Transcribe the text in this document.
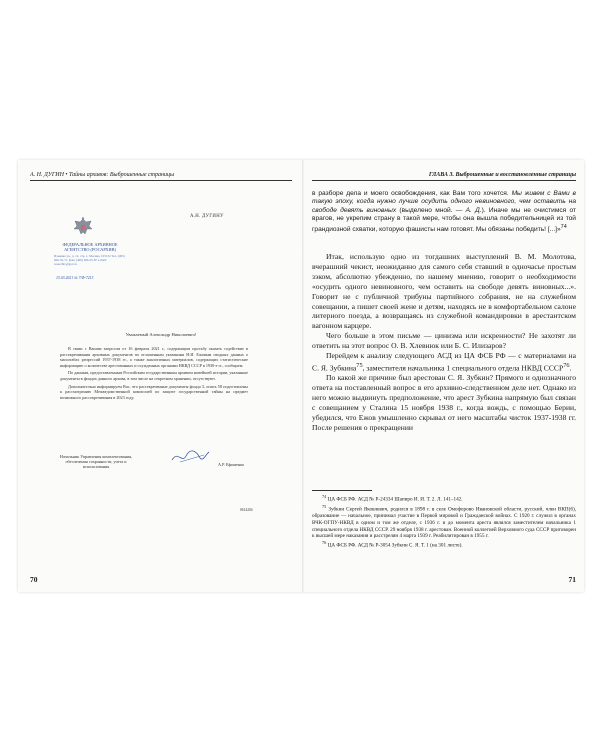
А. Н. ДУГИН • Тайны архивов: Выброшенные страницы
ФЕДЕРАЛЬНОЕ АРХИВНОЕ АГЕНТСТВО (РОСАРХИВ)
Ильинка ул., д. 12, стр. 1, Москва, 103132 Тел. (495) 606-35-71, факс (495) 606-55-87 e-mail: rosarchiv@gov.ru
15.03.2021 № 7/Ф-7213
А.Н. ДУГИНУ
Уважаемый Александр Николаевич!

В связи с Вашим запросом от 16 февраля 2021 г., содержащим просьбу оказать содействие в рассекречивании архивных документов по оглашенным указаниям Н.И. Ежовым сводных данных о масштабах репрессий 1937-1938 гг., а также аналогичных материалов, содержащих статистические информацию о количестве арестованных и осужденных органами НКВД СССР в 1930-е гг., сообщаем.

По данным, предоставленным Российским государственным архивом новейшей истории, указанные документы в фондах данного архива, в том числе на секретном хранении, отсутствуют.

Дополнительно информируем Вас, что рассекреченные документы фонда 3, опись 58 подготовлены к рассмотрению Межведомственной комиссией по защите государственной тайны на предмет возможного рассекречивания в 2023 году.

Начальник Управления комплектования, обеспечения сохранности, учета и использования	А.Р. Ефименко
0614204
70
ГЛАВА 3. Выброшенные и восстановленные страницы

в разборе дела и моего освобождения, как Вам того хочется. Мы живем с Вами в такую эпоху, когда нужно лучше осудить одного невиновного, чем оставить на свободе девять виновных (выделено мной. — А. Д.). Иначе мы не очистимся от врагов, не укрепим страну в такой мере, чтобы она вышла победительницей из той грандиозной схватки, которую фашисты нам готовят. Мы обязаны победить! [...]»$^{74}$

Итак, использую одно из тогдашних выступлений В. М. Молотова, вчерашний чекист, неожиданно для самого себя ставший в одночасье простым зэком, абсолютно убежденно, по нашему мнению, говорит о необходимости «осудить одного невиновного, чем оставить на свободе девять виновных...». Говорит не с публичной трибуны партийного собрания, не на служебном совещании, а пишет своей жене и детям, находясь не в комфортабельном салоне литерного поезда, а возвращаясь из служебной командировки в арестантском вагонном карцере.

Чего больше в этом письме — цинизма или искренности? Не захотят ли ответить на этот вопрос О. В. Хлевнюк или Б. С. Илизаров?

Перейдем к анализу следующего АСД из ЦА ФСБ РФ — с материалами на С. Я. Зубкина$^{75}$, заместителя начальника 1 специального отдела НКВД СССР$^{76}$.

По какой же причине был арестован С. Я. Зубкин? Прямого и однозначного ответа на поставленный вопрос в его архивно-следственном деле нет. Однако из него можно выдвинуть предположение, что арест Зубкина напрямую был связан с совещанием у Сталина 15 ноября 1938 г., когда вождь, с помощью Берии, убедился, что Ежов умышленно скрывал от него масштабы чисток 1937-1938 гг. После решения о прекращении

$^{74}$ ЦА ФСБ РФ. АСД № Р-24334 Шапиро И. И. Т. 2. Л. 141–142.

$^{75}$ Зубкин Сергей Яковлевич, родился в 1898 г. в селе Омофорово Ивановской области, русский, член ВКП(б), образование — начальное, принимал участие в Первой мировой и Гражданской войнах. С 1920 г. служил в органах ВЧК-ОГПУ-НКВД в одном и том же отделе, с 1936 г. и до момента ареста являлся заместителем начальника 1 специального отдела НКВД СССР. 29 ноября 1938 г. арестован. Военной коллегией Верховного суда СССР приговорен к высшей мере наказания и расстрелян 4 марта 1939 г. Реабилитирован в 1955 г.

$^{76}$ ЦА ФСБ РФ. АСД № Р-3054 Зубкин С. Я. Т. 1 (на 301 листе).

71
